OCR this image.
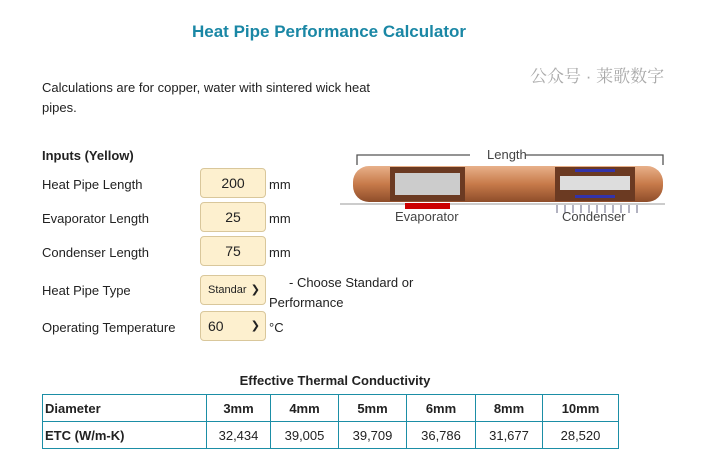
Heat Pipe Performance Calculator
Calculations are for copper, water with sintered wick heat pipes.
Inputs (Yellow)
Heat Pipe Length	200	mm
Evaporator Length	25	mm
Condenser Length	75	mm
Heat Pipe Type	Standar ❯	- Choose Standard or Performance
Operating Temperature	60 ❯ °C
Length
Evaporator	Condenser
Effective Thermal Conductivity
Diameter	3mm	4mm	5mm	6mm	8mm	10mm
ETC (W/m-K)	32,434	39,005	39,709	36,786	31,677	28,520
公众号 · 莱歌数字
